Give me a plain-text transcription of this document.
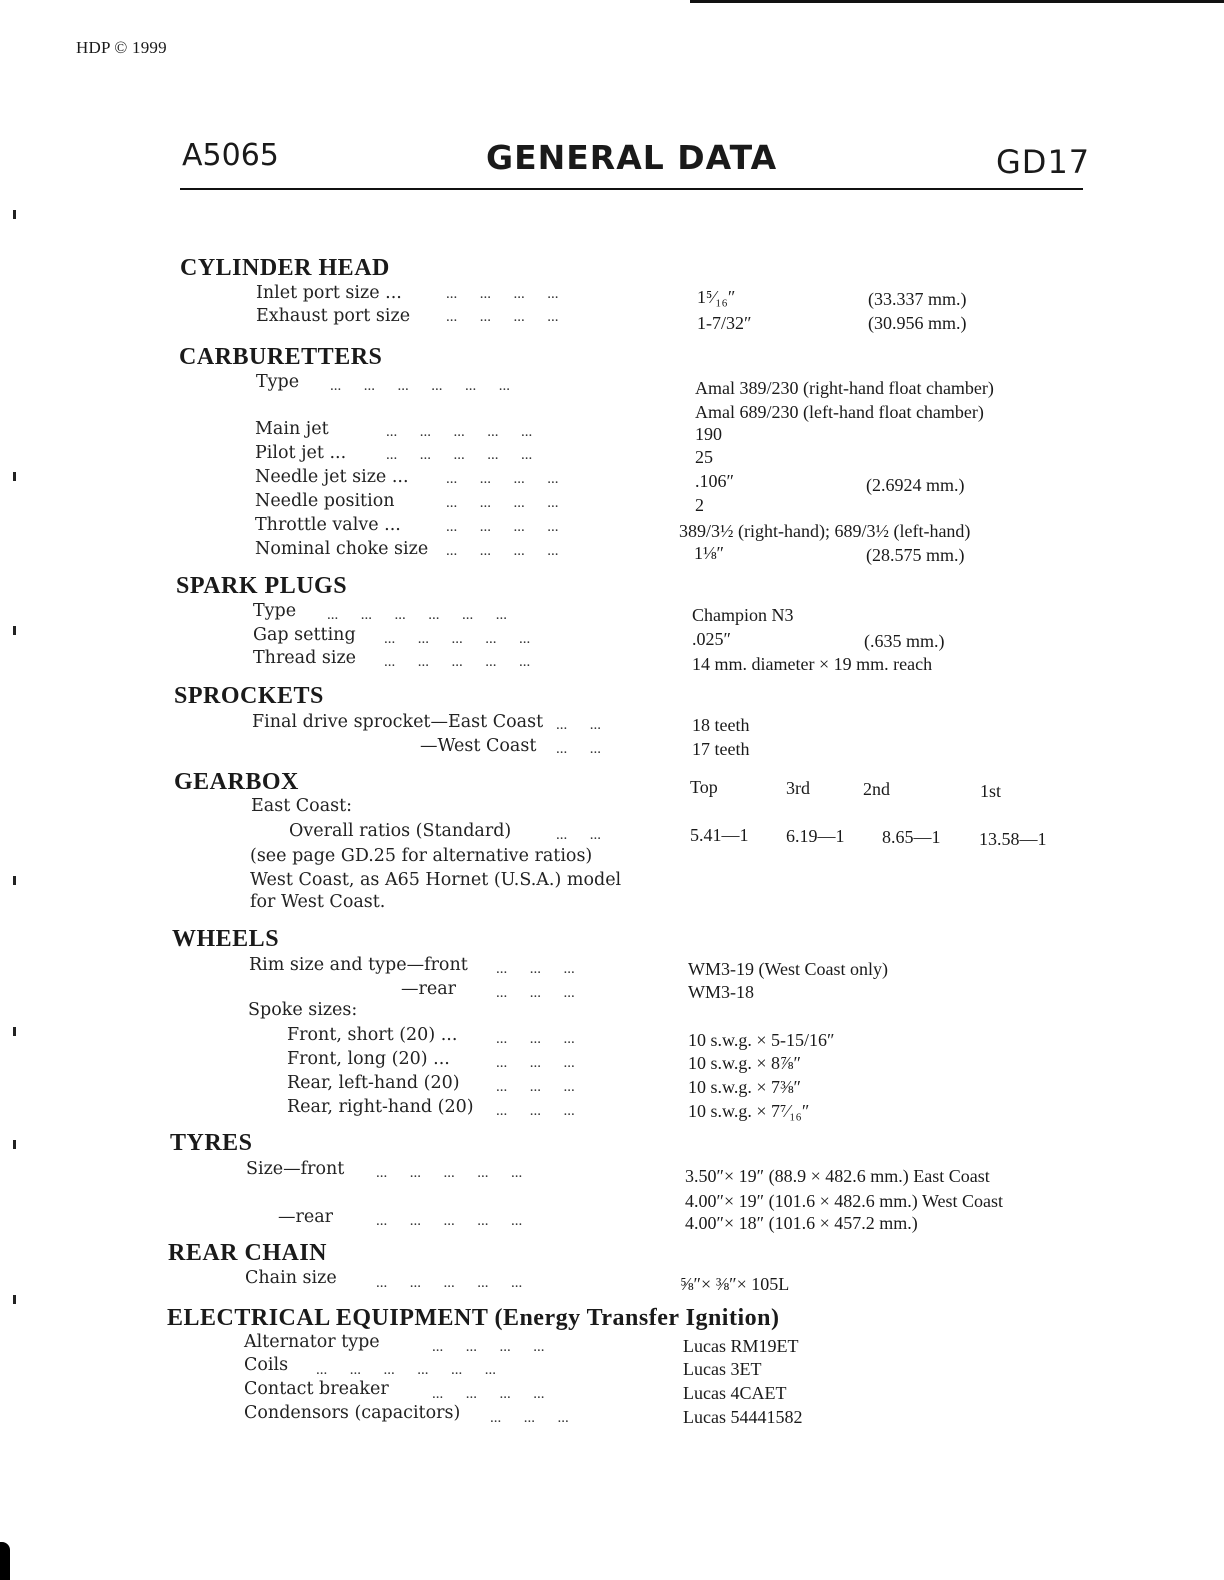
HDP © 1999
A5065	GENERAL DATA	GD17
CYLINDER HEAD
Inlet port size ...	...      ...      ...      ...	1⁵⁄₁₆″	(33.337 mm.)
Exhaust port size ...      ...      ...      ...	1-7/32″	(30.956 mm.)
CARBURETTERS
Type ...      ...      ...      ...      ...      ...	Amal 389/230 (right-hand float chamber)
Amal 689/230 (left-hand float chamber)
Main jet	...      ...      ...      ...      ...	190
Pilot jet ...	...      ...      ...      ...      ...	25
Needle jet size ... ...      ...      ...      ...	.106″	(2.6924 mm.)
Needle position	...      ...      ...      ...	2
Throttle valve ...	...      ...      ...      ...	389/3½ (right-hand); 689/3½ (left-hand)
Nominal choke size ...      ...      ...      ...	1⅛″	(28.575 mm.)
SPARK PLUGS
Type ...      ...      ...      ...      ...      ...	Champion N3
Gap setting ...      ...      ...      ...      ...	.025″	(.635 mm.)
Thread size ...      ...      ...      ...      ...	14 mm. diameter × 19 mm. reach
SPROCKETS
Final drive sprocket—East Coast ...      ...	18 teeth
—West Coast ...      ...	17 teeth
GEARBOX	Top	3rd	2nd	1st
East Coast:
Overall ratios (Standard)	...      ...	5.41—1 6.19—1 8.65—1 13.58—1
(see page GD.25 for alternative ratios)
West Coast, as A65 Hornet (U.S.A.) model
for West Coast.
WHEELS
Rim size and type—front ...      ...      ...	WM3-19 (West Coast only)
—rear	...      ...      ...	WM3-18
Spoke sizes:
Front, short (20) ...	...      ...      ...	10 s.w.g. × 5-15/16″
Front, long (20) ...	...      ...      ...	10 s.w.g. × 8⅞″
Rear, left-hand (20) ...      ...      ...	10 s.w.g. × 7⅜″
Rear, right-hand (20) ...      ...      ...	10 s.w.g. × 7⁷⁄₁₆″
TYRES
Size—front ...      ...      ...      ...      ...	3.50″× 19″ (88.9 × 482.6 mm.) East Coast
4.00″× 19″ (101.6 × 482.6 mm.) West Coast
—rear	...      ...      ...      ...      ...	4.00″× 18″ (101.6 × 457.2 mm.)
REAR CHAIN
Chain size	...      ...      ...      ...      ...	⅝″× ⅜″× 105L
ELECTRICAL EQUIPMENT (Energy Transfer Ignition)
Alternator type	...      ...      ...      ...	Lucas RM19ET
Coils ...      ...      ...      ...      ...      ...	Lucas 3ET
Contact breaker	...      ...      ...      ...	Lucas 4CAET
Condensors (capacitors) ...      ...      ...	Lucas 54441582
